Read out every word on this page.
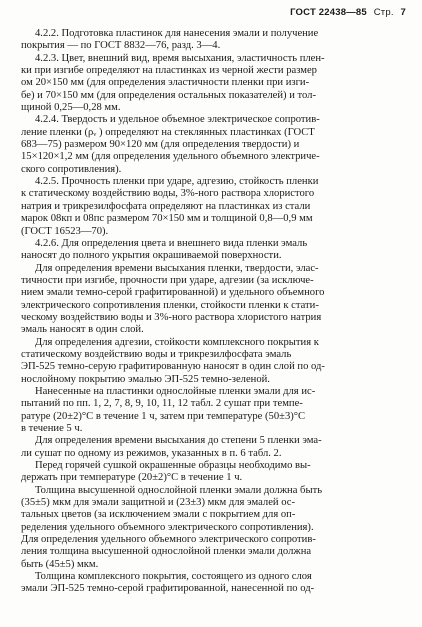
ГОСТ 22438—85 Стр. 7
4.2.2. Подготовка пластинок для нанесения эмали и получение
покрытия — по ГОСТ 8832—76, разд. 3—4.
4.2.3. Цвет, внешний вид, время высыхания, эластичность плен-
ки при изгибе определяют на пластинках из черной жести размер
ом 20×150 мм (для определения эластичности пленки при изги-
бе) и 70×150 мм (для определения остальных показателей) и тол-
щиной 0,25—0,28 мм.
4.2.4. Твердость и удельное объемное электрическое сопротив-
ление пленки (ρᵥ ) определяют на стеклянных пластинках (ГОСТ
683—75) размером 90×120 мм (для определения твердости) и
15×120×1,2 мм (для определения удельного объемного электриче-
ского сопротивления).
4.2.5. Прочность пленки при ударе, адгезию, стойкость пленки
к статическому воздействию воды, 3%-ного раствора хлористого
натрия и трикрезилфосфата определяют на пластинках из стали
марок 08кп и 08пс размером 70×150 мм и толщиной 0,8—0,9 мм
(ГОСТ 16523—70).
4.2.6. Для определения цвета и внешнего вида пленки эмаль
наносят до полного укрытия окрашиваемой поверхности.
Для определения времени высыхания пленки, твердости, элас-
тичности при изгибе, прочности при ударе, адгезии (за исключе-
нием эмали темно-серой графитированной) и удельного объемного
электрического сопротивления пленки, стойкости пленки к стати-
ческому воздействию воды и 3%-ного раствора хлористого натрия
эмаль наносят в один слой.
Для определения адгезии, стойкости комплексного покрытия к
статическому воздействию воды и трикрезилфосфата эмаль
ЭП-525 темно-серую графитированную наносят в один слой по од-
нослойному покрытию эмалью ЭП-525 темно-зеленой.
Нанесенные на пластинки однослойные пленки эмали для ис-
пытаний по пп. 1, 2, 7, 8, 9, 10, 11, 12 табл. 2 сушат при темпе-
ратуре (20±2)°С в течение 1 ч, затем при температуре (50±3)°С
в течение 5 ч.
Для определения времени высыхания до степени 5 пленки эма-
ли сушат по одному из режимов, указанных в п. 6 табл. 2.
Перед горячей сушкой окрашенные образцы необходимо вы-
держать при температуре (20±2)°С в течение 1 ч.
Толщина высушенной однослойной пленки эмали должна быть
(35±5) мкм для эмали защитной и (23±3) мкм для эмалей ос-
тальных цветов (за исключением эмали с покрытием для оп-
ределения удельного объемного электрического сопротивления).
Для определения удельного объемного электрического сопротив-
ления толщина высушенной однослойной пленки эмали должна
быть (45±5) мкм.
Толщина комплексного покрытия, состоящего из одного слоя
эмали ЭП-525 темно-серой графитированной, нанесенной по од-
